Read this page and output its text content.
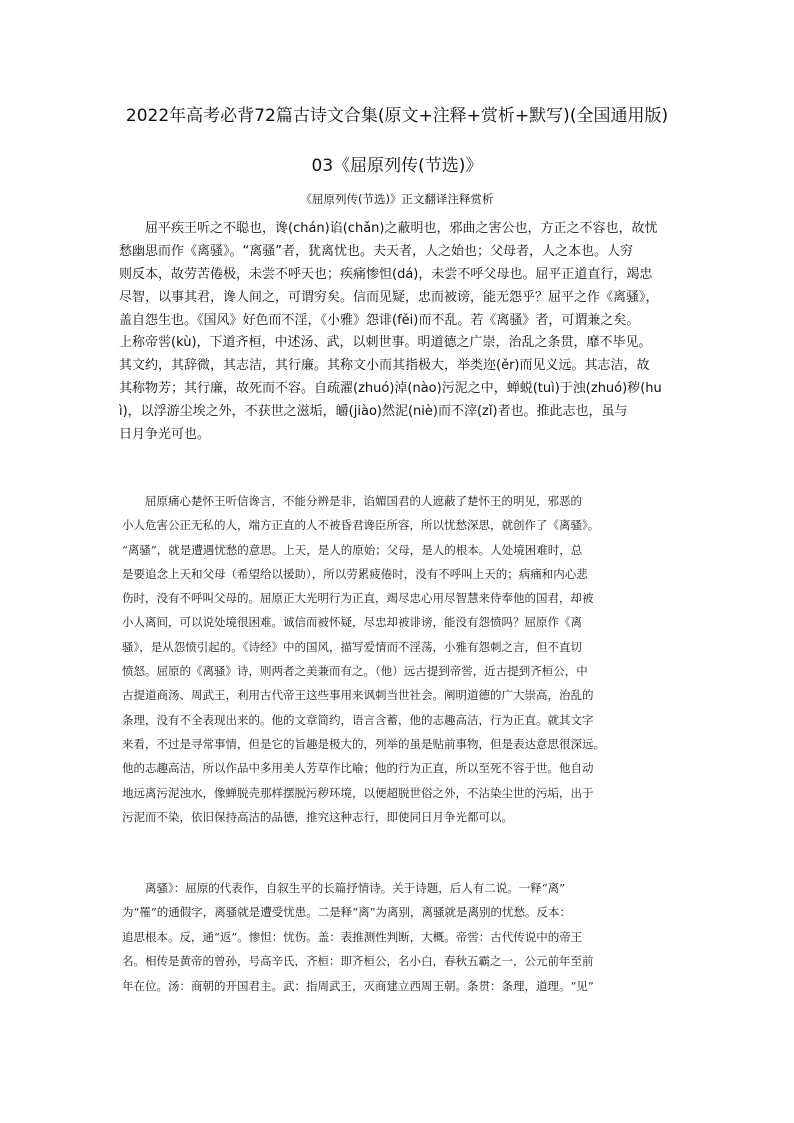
2022年高考必背72篇古诗文合集(原文+注释+赏析+默写)(全国通用版)
03《屈原列传(节选)》
《屈原列传(节选)》正文翻译注释赏析
　　屈平疾王听之不聪也，谗(chán)谄(chǎn)之蔽明也，邪曲之害公也，方正之不容也，故忧
愁幽思而作《离骚》。“离骚”者，犹离忧也。夫天者，人之始也；父母者，人之本也。人穷
则反本，故劳苦倦极，未尝不呼天也；疾痛惨怛(dá)，未尝不呼父母也。屈平正道直行，竭忠
尽智，以事其君，谗人间之，可谓穷矣。信而见疑，忠而被谤，能无怨乎？屈平之作《离骚》，
盖自怨生也。《国风》好色而不淫，《小雅》怨诽(fěi)而不乱。若《离骚》者，可谓兼之矣。
上称帝喾(kù)，下道齐桓，中述汤、武，以刺世事。明道德之广崇，治乱之条贯，靡不毕见。
其文约，其辞微，其志洁，其行廉。其称文小而其指极大，举类迩(ěr)而见义远。其志洁，故
其称物芳；其行廉，故死而不容。自疏濯(zhuó)淖(nào)污泥之中，蝉蜕(tuì)于浊(zhuó)秽(hu
ì)，以浮游尘埃之外，不获世之滋垢，皭(jiào)然泥(niè)而不滓(zǐ)者也。推此志也，虽与
日月争光可也。
　　屈原痛心楚怀王听信谗言，不能分辨是非，谄媚国君的人遮蔽了楚怀王的明见，邪恶的
小人危害公正无私的人，端方正直的人不被昏君谗臣所容，所以忧愁深思，就创作了《离骚》。
“离骚”，就是遭遇忧愁的意思。上天，是人的原始；父母，是人的根本。人处境困难时，总
是要追念上天和父母（希望给以援助），所以劳累疲倦时，没有不呼叫上天的；病痛和内心悲
伤时，没有不呼叫父母的。屈原正大光明行为正直，竭尽忠心用尽智慧来侍奉他的国君，却被
小人离间，可以说处境很困难。诚信而被怀疑，尽忠却被诽谤，能没有怨愤吗？屈原作《离
骚》，是从怨愤引起的。《诗经》中的国风，描写爱情而不淫荡，小雅有怨刺之言，但不直切
愤怒。屈原的《离骚》诗，则两者之美兼而有之。（他）远古提到帝喾，近古提到齐桓公，中
古提道商汤、周武王，利用古代帝王这些事用来讽刺当世社会。阐明道德的广大崇高，治乱的
条理，没有不全表现出来的。他的文章简约，语言含蓄，他的志趣高洁，行为正直。就其文字
来看，不过是寻常事情，但是它的旨趣是极大的，列举的虽是贴前事物，但是表达意思很深远。
他的志趣高洁，所以作品中多用美人芳草作比喻；他的行为正直，所以至死不容于世。他自动
地远离污泥浊水，像蝉脱壳那样摆脱污秽环境，以便超脱世俗之外，不沾染尘世的污垢，出于
污泥而不染，依旧保持高洁的品德，推究这种志行，即使同日月争光都可以。
　　离骚》：屈原的代表作，自叙生平的长篇抒情诗。关于诗题，后人有二说。一释“离”
为“罹”的通假字，离骚就是遭受忧患。二是释“离”为离别，离骚就是离别的忧愁。反本：
追思根本。反，通“返”。惨怛：忧伤。盖：表推测性判断，大概。帝喾：古代传说中的帝王
名。相传是黄帝的曾孙，号高辛氏，齐桓：即齐桓公，名小白，春秋五霸之一，公元前年至前
年在位。汤：商朝的开国君主。武：指周武王，灭商建立西周王朝。条贯：条理，道理。“见”
